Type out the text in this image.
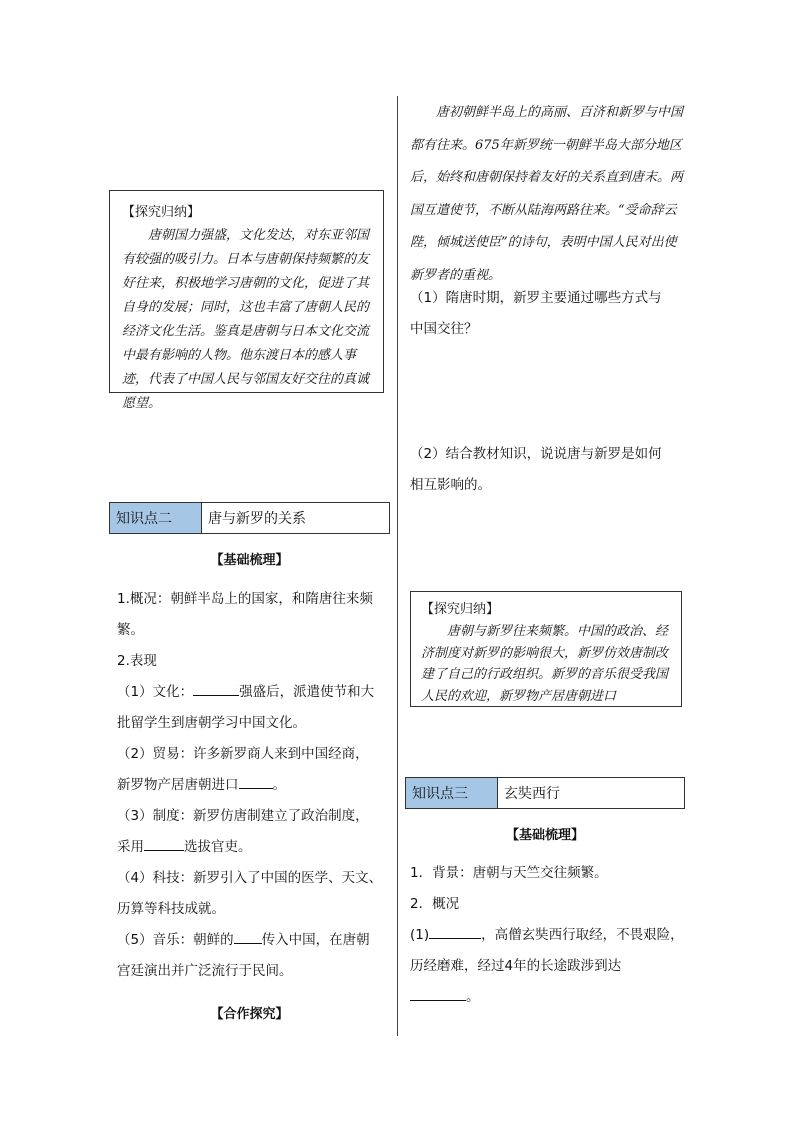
【探究归纳】

唐朝国力强盛，文化发达，对东亚邻国有较强的吸引力。日本与唐朝保持频繁的友好往来，积极地学习唐朝的文化，促进了其自身的发展；同时，这也丰富了唐朝人民的经济文化生活。鉴真是唐朝与日本文化交流中最有影响的人物。他东渡日本的感人事迹，代表了中国人民与邻国友好交往的真诚愿望。

知识点二	唐与新罗的关系
【基础梳理】
1.概况：朝鲜半岛上的国家，和隋唐往来频
繁。
2.表现
（1）文化：	强盛后，派遣使节和大
批留学生到唐朝学习中国文化。
（2）贸易：许多新罗商人来到中国经商，
新罗物产居唐朝进口	。
（3）制度：新罗仿唐制建立了政治制度，
采用	选拔官吏。
（4）科技：新罗引入了中国的医学、天文、
历算等科技成就。
（5）音乐：朝鲜的 传入中国，在唐朝
宫廷演出并广泛流行于民间。
【合作探究】

唐初朝鲜半岛上的高丽、百济和新罗与中国都有往来。675年新罗统一朝鲜半岛大部分地区后，始终和唐朝保持着友好的关系直到唐末。两国互遣使节，不断从陆海两路往来。“受命辞云陛，倾城送使臣”的诗句，表明中国人民对出使新罗者的重视。

（1）隋唐时期，新罗主要通过哪些方式与
中国交往？
（2）结合教材知识，说说唐与新罗是如何
相互影响的。
【探究归纳】

唐朝与新罗往来频繁。中国的政治、经济制度对新罗的影响很大，新罗仿效唐制改建了自己的行政组织。新罗的音乐很受我国人民的欢迎，新罗物产居唐朝进口

知识点三	玄奘西行
【基础梳理】
1．背景：唐朝与天竺交往频繁。
2．概况
(1)	，高僧玄奘西行取经，不畏艰险，
历经磨难，经过4年的长途跋涉到达
。
